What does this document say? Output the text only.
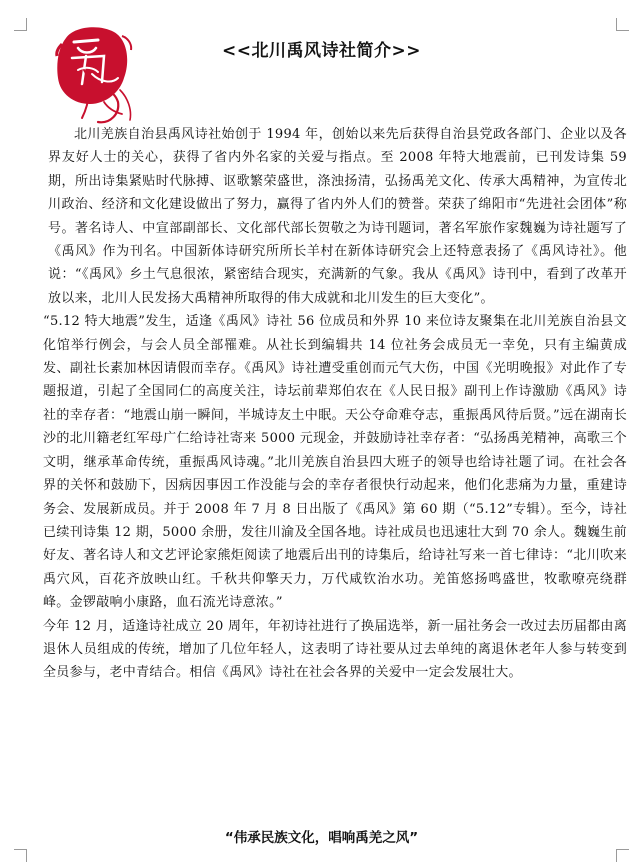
<<北川禹风诗社简介>>

北川羌族自治县禹风诗社始创于 1994 年，创始以来先后获得自治县党政各部门、企业以及各界友好人士的关心，获得了省内外名家的关爱与指点。至 2008 年特大地震前，已刊发诗集 59 期，所出诗集紧贴时代脉搏、讴歌繁荣盛世，涤浊扬清，弘扬禹羌文化、传承大禹精神，为宣传北川政治、经济和文化建设做出了努力，赢得了省内外人们的赞誉。荣获了绵阳市“先进社会团体”称号。著名诗人、中宣部副部长、文化部代部长贺敬之为诗刊题词，著名军旅作家魏巍为诗社题写了《禹风》作为刊名。中国新体诗研究所所长羊村在新体诗研究会上还特意表扬了《禹风诗社》。他说：“《禹风》乡土气息很浓，紧密结合现实，充满新的气象。我从《禹风》诗刊中，看到了改革开放以来，北川人民发扬大禹精神所取得的伟大成就和北川发生的巨大变化”。

“5.12 特大地震”发生，适逢《禹风》诗社 56 位成员和外界 10 来位诗友聚集在北川羌族自治县文化馆举行例会，与会人员全部罹难。从社长到编辑共 14 位社务会成员无一幸免，只有主编黄成发、副社长素加林因请假而幸存。《禹风》诗社遭受重创而元气大伤，中国《光明晚报》对此作了专题报道，引起了全国同仁的高度关注，诗坛前辈郑伯农在《人民日报》副刊上作诗激励《禹风》诗社的幸存者：“地震山崩一瞬间，半城诗友土中眠。天公夺命难夺志，重振禹风待后贤。”远在湖南长沙的北川籍老红军母广仁给诗社寄来 5000 元现金，并鼓励诗社幸存者：“弘扬禹羌精神，高歌三个文明，继承革命传统，重振禹风诗魂。”北川羌族自治县四大班子的领导也给诗社题了词。在社会各界的关怀和鼓励下，因病因事因工作没能与会的幸存者很快行动起来，他们化悲痛为力量，重建诗务会、发展新成员。并于 2008 年 7 月 8 日出版了《禹风》第 60 期（“5.12”专辑）。至今，诗社已续刊诗集 12 期，5000 余册，发往川渝及全国各地。诗社成员也迅速壮大到 70 余人。魏巍生前好友、著名诗人和文艺评论家熊炬阅读了地震后出刊的诗集后，给诗社写来一首七律诗：“北川吹来禹穴风，百花齐放映山红。千秋共仰擎天力，万代咸钦治水功。羌笛悠扬鸣盛世，牧歌嘹亮绕群峰。金锣敲响小康路，血石流光诗意浓。”

今年 12 月，适逢诗社成立 20 周年，年初诗社进行了换届选举，新一届社务会一改过去历届都由离退休人员组成的传统，增加了几位年轻人，这表明了诗社要从过去单纯的离退休老年人参与转变到全员参与，老中青结合。相信《禹风》诗社在社会各界的关爱中一定会发展壮大。

“伟承民族文化，唱响禹羌之风”
